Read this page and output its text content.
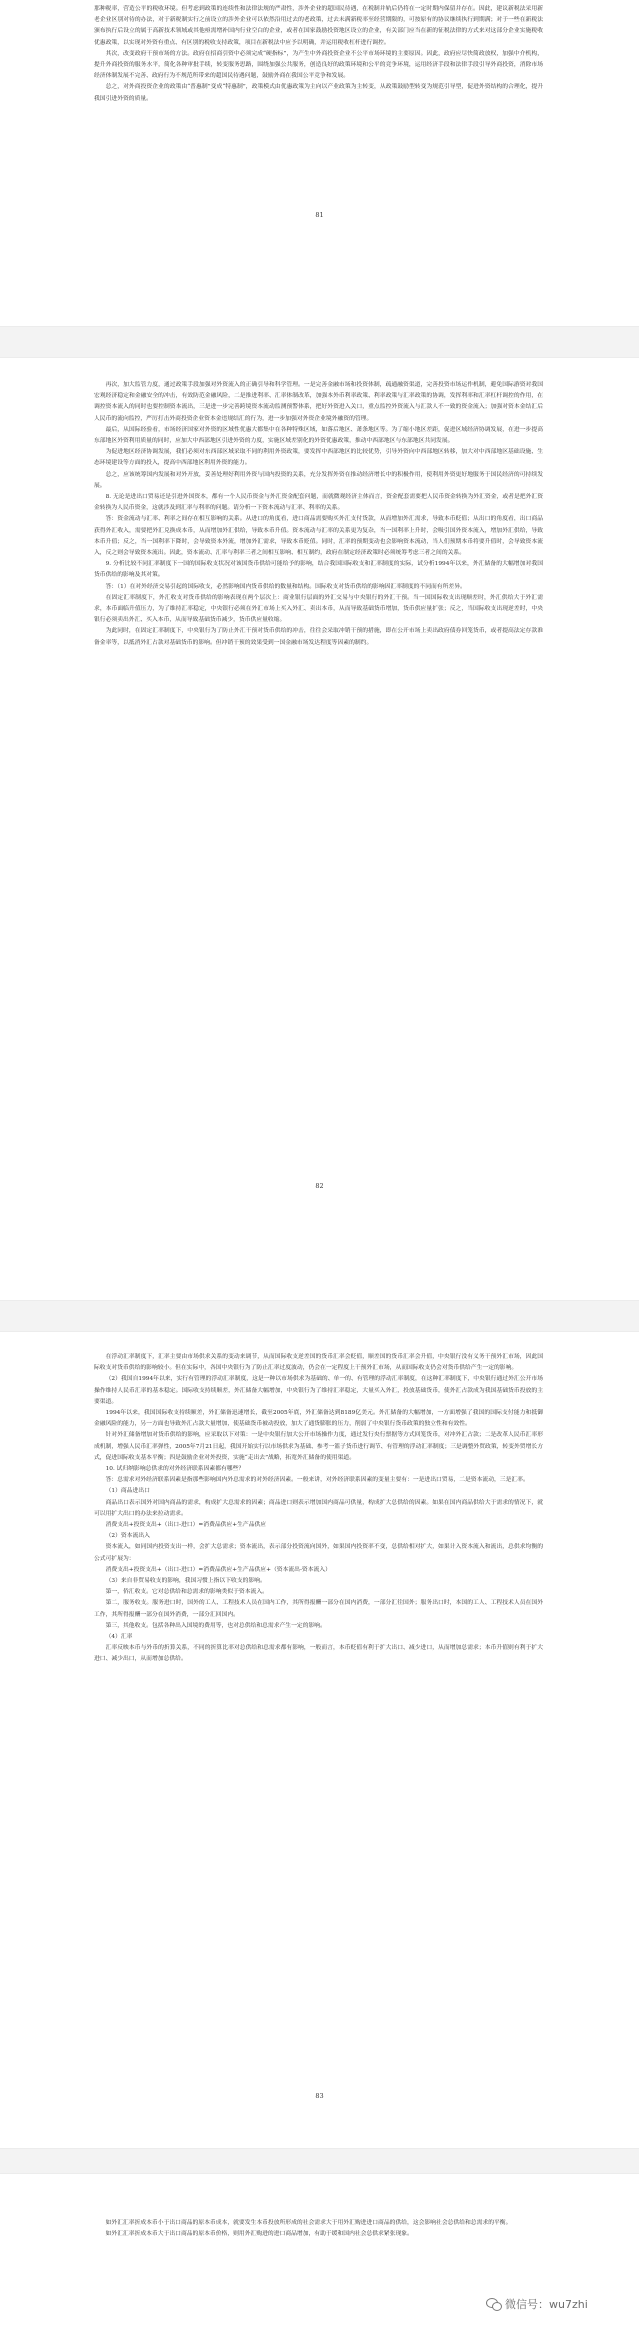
那种税率，营造公平的税收环境。但考虑到政策的连续性和法律法规的严肃性，涉外企业的超国民待遇，在税制并轨后仍将在一定时期内保留并存在。因此，建议新税法采用新老企业区别对待的办法，对于新税制实行之前设立的涉外企业可以依然沿用过去的老政策，过去未满新税率至经营期限的，可按原有的协议继续执行到期满；对于一些在新税法颁布执行后设立的属于高新技术领域或其他亟需增补国内行业空白的企业，或者在国家鼓励投资地区设立的企业，有关部门应当在新的征税法律的方式来对这部分企业实施税收优惠政策，以实现对外资有重点、有区别的税收支持政策，项目在新税法中应予以明确，并运用税收杠杆进行调控。

其次，改变政府干预市场的方法。政府在招商引资中必须完成“硬指标”，为产生中外商投资企业不公平市场环境的主要原因。因此，政府应尽快简政放权，加强中介机构，提升外商投资的服务水平，简化各种审批手续，转变服务思路，围绕加强公共服务，创造良好的政策环境和公平的竞争环境，运用经济手段和法律手段引导外商投资，消除市场经济体制发展不完善、政府行为不规范所带来的超国民待遇问题，鼓励外商在我国公平竞争和发展。

总之，对外商投资企业的政策由“普惠制”变成“特惠制”，政策模式由优惠政策为主向以产业政策为主转变，从政策鼓励型转变为规范引导型，促进外资结构的合理化，提升我国引进外资的质量。

81

再次，加大监管力度，通过政策手段加强对外资流入的正确引导和科学管理。一是完善金融市场和投资体制，疏通融资渠道，完善投资市场运作机制，避免国际游资对我国宏观经济稳定和金融安全的冲击，有效防范金融风险，二是推进利率、汇率体制改革，加强本外币利率政策、利率政策与汇率政策的协调，发挥利率和汇率杠杆调控的作用，在调控资本流入的同时也要控制资本流出，三是进一步完善跨境资本流动监测预警体系，把好外资进入关口，重点监控外资流入与汇款人不一致的资金流入；加强对资本金结汇后人民币的流向监控，严厉打击外商投资企业资本金违规结汇的行为，进一步加强对外资企业境外融资的管理。

最后，从国际经验看，市场经济国家对外资的区域性优惠大都集中在各种特殊区域，如落后地区、萧条地区等。为了缩小地区差距，促进区域经济协调发展，在进一步提高东部地区外资利用质量的同时，应加大中西部地区引进外资的力度，实施区域差别化的外资优惠政策，推动中西部地区与东部地区共同发展。

为促进地区经济协调发展，我们必须对东西部区域采取不同的利用外资政策，要发挥中西部地区的比较优势，引导外资向中西部地区转移，加大对中西部地区基础设施、生态环境建设等方面的投入，提高中西部地区利用外资的能力。

总之，应该统筹国内发展和对外开放，妥善处理好利用外资与国内投资的关系，充分发挥外资在推动经济增长中的积极作用，使利用外资更好地服务于国民经济的可持续发展。

8. 无论是进出口贸易还是引进外国资本，都有一个人民币资金与外汇资金配套问题，而就微观经济主体而言，资金配套需要把人民币资金转换为外汇资金，或者是把外汇资金转换为人民币资金，这就涉及到汇率与利率的问题。请分析一下资本流动与汇率、利率的关系。

答：资金流动与汇率、利率之间存在相互影响的关系。从进口的角度看，进口商品需要购买外汇支付货款，从而增加外汇需求，导致本币贬值；从出口的角度看，出口商品获得外汇收入，需要把外汇兑换成本币，从而增加外汇供给，导致本币升值。资本流动与汇率的关系更为复杂，当一国利率上升时，会吸引国外资本流入，增加外汇供给，导致本币升值；反之，当一国利率下降时，会导致资本外流，增加外汇需求，导致本币贬值。同时，汇率的预期变动也会影响资本流动，当人们预期本币将要升值时，会导致资本流入，反之则会导致资本流出。因此，资本流动、汇率与利率三者之间相互影响、相互制约，政府在制定经济政策时必须统筹考虑三者之间的关系。

9. 分析比较不同汇率制度下一国的国际收支状况对该国货币供给可能给予的影响，结合我国国际收支和汇率制度的实际，试分析1994年以来，外汇储备的大幅增加对我国货币供给的影响及其对策。

答：（1）在对外经济交易引起的国际收支，必然影响国内货币供给的数量和结构。国际收支对货币供给的影响因汇率制度的不同而有所差异。

在固定汇率制度下，外汇收支对货币供给的影响表现在两个层次上：商业银行层面的外汇交易与中央银行的外汇干预。当一国国际收支出现顺差时，外汇供给大于外汇需求，本币面临升值压力，为了维持汇率稳定，中央银行必须在外汇市场上买入外汇、卖出本币，从而导致基础货币增加，货币供应量扩张；反之，当国际收支出现逆差时，中央银行必须卖出外汇、买入本币，从而导致基础货币减少，货币供应量收缩。

为此同时，在固定汇率制度下，中央银行为了防止外汇干预对货币供给的冲击，往往会采取冲销干预的措施，即在公开市场上卖出政府债券回笼货币，或者提高法定存款准备金率等，以抵消外汇占款对基础货币的影响。但冲销干预的效果受到一国金融市场发达程度等因素的制约。

82

在浮动汇率制度下，汇率主要由市场供求关系的变动来调节，从而国际收支逆差国的货币汇率会贬值，顺差国的货币汇率会升值，中央银行没有义务干预外汇市场，因此国际收支对货币供给的影响较小。但在实际中，各国中央银行为了防止汇率过度波动，仍会在一定程度上干预外汇市场，从而国际收支仍会对货币供给产生一定的影响。

（2）我国自1994年以来，实行有管理的浮动汇率制度，这是一种以市场供求为基础的、单一的、有管理的浮动汇率制度，在这种汇率制度下，中央银行通过外汇公开市场操作维持人民币汇率的基本稳定。国际收支持续顺差，外汇储备大幅增加，中央银行为了维持汇率稳定，大量买入外汇，投放基础货币，使外汇占款成为我国基础货币投放的主要渠道。

1994年以来，我国国际收支持续顺差，外汇储备迅速增长，截至2005年底，外汇储备达到8189亿美元。外汇储备的大幅增加，一方面增强了我国的国际支付能力和抵御金融风险的能力，另一方面也导致外汇占款大量增加，使基础货币被动投放，加大了通货膨胀的压力，削弱了中央银行货币政策的独立性和有效性。

针对外汇储备增加对货币供给的影响，应采取以下对策：一是中央银行加大公开市场操作力度，通过发行央行票据等方式回笼货币，对冲外汇占款；二是改革人民币汇率形成机制，增强人民币汇率弹性，2005年7月21日起，我国开始实行以市场供求为基础、参考一篮子货币进行调节、有管理的浮动汇率制度；三是调整外贸政策，转变外贸增长方式，促进国际收支基本平衡；四是鼓励企业对外投资，实施“走出去”战略，拓宽外汇储备的使用渠道。

10. 试归纳影响总供求的对外经济联系因素都有哪些？

答：总需求对外经济联系因素是指那些影响国内外总需求的对外经济因素。一般来讲，对外经济联系因素的变量主要有：一是进出口贸易，二是资本流动，三是汇率。

（1）商品进出口

商品出口表示国外对国内商品的需求，构成扩大总需求的因素；商品进口则表示增加国内商品可供量，构成扩大总供给的因素。如果在国内商品供给大于需求的情况下，就可以用扩大出口的办法来拉动需求。

消费支出+投资支出+（出口-进口）=消费品供应+生产品供应

（2）资本流出入

资本流入，如同国内投资支出一样，会扩大总需求；资本流出，表示部分投资流向国外，如果国内投资率不变，总供给相对扩大，如果计入资本流入和流出，总供求均衡的公式可扩展为：

消费支出+投资支出+（出口-进口）=消费品供应+生产品供应+（资本流出-资本流入）

（3）来自非贸易收支的影响，我国习惯上指以下收支的影响。

第一，侨汇收支。它对总供给和总需求的影响类似于资本流入。

第二，服务收支。服务进口时，国外的工人、工程技术人员在国内工作，其所得报酬一部分在国内消费，一部分汇往国外；服务出口时，本国的工人、工程技术人员在国外工作，其所得报酬一部分在国外消费，一部分汇回国内。

第三，其他收支。包括各种出入国境的费用等，也对总供给和总需求产生一定的影响。

（4）汇率

汇率反映本币与外币的折算关系，不同的折算比率对总供给和总需求都有影响，一般而言，本币贬值有利于扩大出口、减少进口，从而增加总需求；本币升值则有利于扩大进口、减少出口，从而增加总供给。

83

如外汇汇率折成本币小于出口商品的原本币成本，就要发生本币投放所形成的社会需求大于用外汇购进进口商品的供给，这会影响社会总供给和总需求的平衡。

如外汇汇率折成本币大于出口商品的原本币价格，则用外汇购进的进口商品增加，有助于缓和国内社会总供求紧张现象。

微信号：wu7zhi
